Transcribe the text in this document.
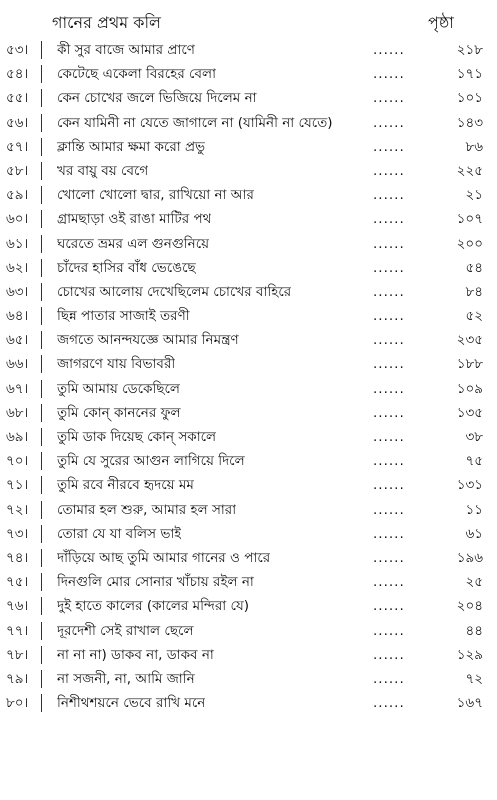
গানের প্রথম কলি	পৃষ্ঠা
৫৩।	কী সুর বাজে আমার প্রাণে	......	২১৮
৫৪।	কেটেছে একেলা বিরহের বেলা	......	১৭১
৫৫।	কেন চোখের জলে ভিজিয়ে দিলেম না	......	১০১
৫৬।	কেন যামিনী না যেতে জাগালে না (যামিনী না যেতে)	......	১৪৩
৫৭।	ক্লান্তি আমার ক্ষমা করো প্রভু	......	৮৬
৫৮।	খর বায়ু বয় বেগে	......	২২৫
৫৯।	খোলো খোলো দ্বার, রাখিয়ো না আর	......	২১
৬০।	গ্রামছাড়া ওই রাঙা মাটির পথ	......	১০৭
৬১।	ঘরেতে ভ্রমর এল গুনগুনিয়ে	......	২০০
৬২।	চাঁদের হাসির বাঁধ ভেঙেছে	......	৫৪
৬৩।	চোখের আলোয় দেখেছিলেম চোখের বাহিরে	......	৮৪
৬৪।	ছিন্ন পাতার সাজাই তরণী	......	৫২
৬৫।	জগতে আনন্দযজ্ঞে আমার নিমন্ত্রণ	......	২৩৫
৬৬।	জাগরণে যায় বিভাবরী	......	১৮৮
৬৭।	তুমি আমায় ডেকেছিলে	......	১০৯
৬৮।	তুমি কোন্‌ কাননের ফুল	......	১৩৫
৬৯।	তুমি ডাক দিয়েছ কোন্‌ সকালে	......	৩৮
৭০।	তুমি যে সুরের আগুন লাগিয়ে দিলে	......	৭৫
৭১।	তুমি রবে নীরবে হৃদয়ে মম	......	১৩১
৭২।	তোমার হল শুরু, আমার হল সারা	......	১১
৭৩।	তোরা যে যা বলিস ভাই	......	৬১
৭৪।	দাঁড়িয়ে আছ তুমি আমার গানের ও পারে	......	১৯৬
৭৫।	দিনগুলি মোর সোনার খাঁচায় রইল না	......	২৫
৭৬।	দুই হাতে কালের (কালের মন্দিরা যে)	......	২০৪
৭৭।	দূরদেশী সেই রাখাল ছেলে	......	৪৪
৭৮।	না না না) ডাকব না, ডাকব না	......	১২৯
৭৯।	না সজনী, না, আমি জানি	......	৭২
৮০।	নিশীথশয়নে ভেবে রাখি মনে	......	১৬৭
